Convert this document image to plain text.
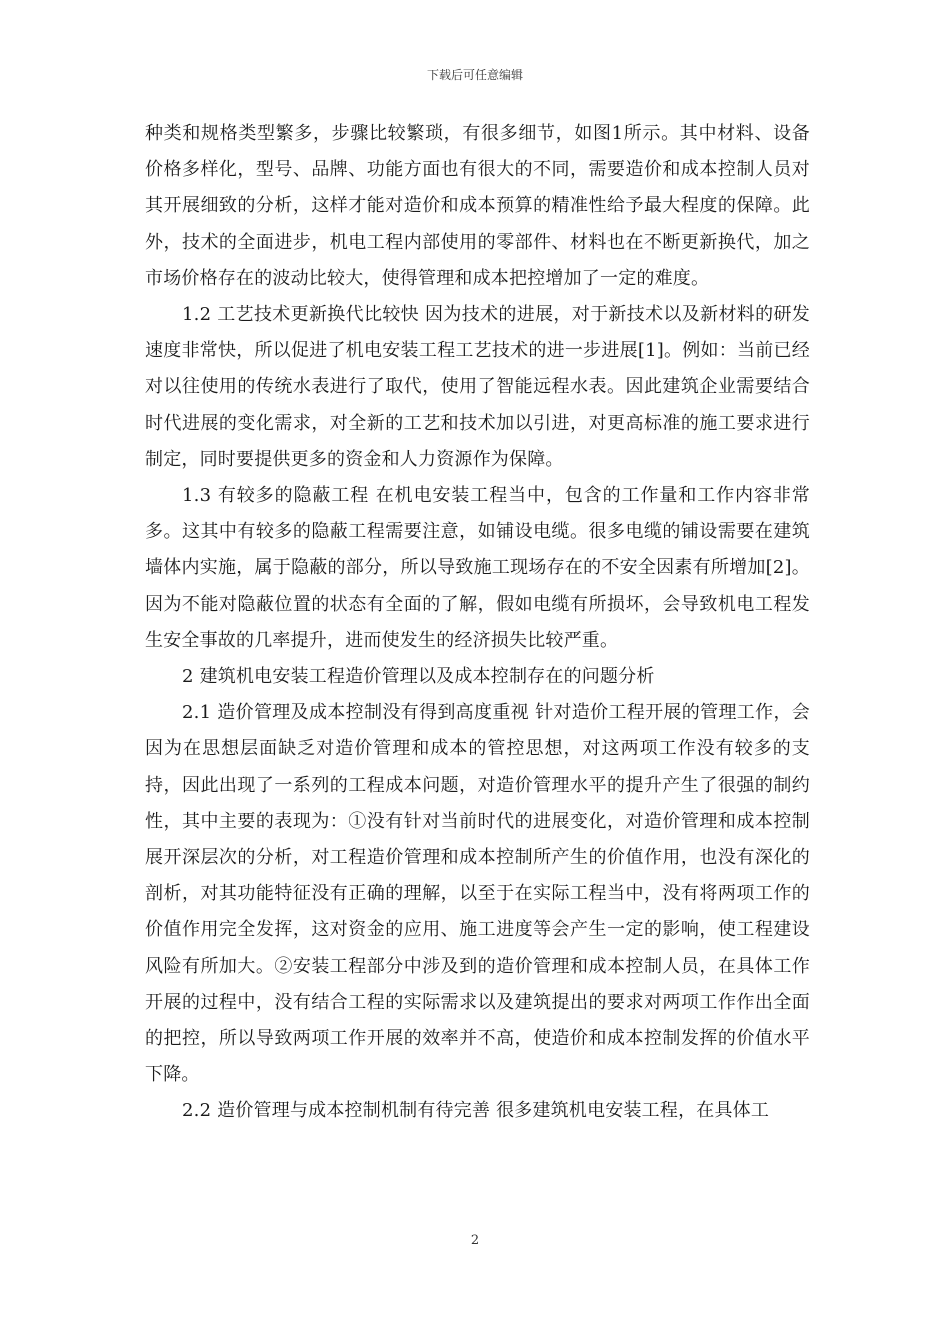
下载后可任意编辑

种类和规格类型繁多，步骤比较繁琐，有很多细节，如图1所示。其中材料、设备价格多样化，型号、品牌、功能方面也有很大的不同，需要造价和成本控制人员对其开展细致的分析，这样才能对造价和成本预算的精准性给予最大程度的保障。此外，技术的全面进步，机电工程内部使用的零部件、材料也在不断更新换代，加之市场价格存在的波动比较大，使得管理和成本把控增加了一定的难度。

1.2 工艺技术更新换代比较快 因为技术的进展，对于新技术以及新材料的研发速度非常快，所以促进了机电安装工程工艺技术的进一步进展[1]。例如：当前已经对以往使用的传统水表进行了取代，使用了智能远程水表。因此建筑企业需要结合时代进展的变化需求，对全新的工艺和技术加以引进，对更高标准的施工要求进行制定，同时要提供更多的资金和人力资源作为保障。

1.3 有较多的隐蔽工程 在机电安装工程当中，包含的工作量和工作内容非常多。这其中有较多的隐蔽工程需要注意，如铺设电缆。很多电缆的铺设需要在建筑墙体内实施，属于隐蔽的部分，所以导致施工现场存在的不安全因素有所增加[2]。因为不能对隐蔽位置的状态有全面的了解，假如电缆有所损坏，会导致机电工程发生安全事故的几率提升，进而使发生的经济损失比较严重。

2 建筑机电安装工程造价管理以及成本控制存在的问题分析

2.1 造价管理及成本控制没有得到高度重视 针对造价工程开展的管理工作，会因为在思想层面缺乏对造价管理和成本的管控思想，对这两项工作没有较多的支持，因此出现了一系列的工程成本问题，对造价管理水平的提升产生了很强的制约性，其中主要的表现为：①没有针对当前时代的进展变化，对造价管理和成本控制展开深层次的分析，对工程造价管理和成本控制所产生的价值作用，也没有深化的剖析，对其功能特征没有正确的理解，以至于在实际工程当中，没有将两项工作的价值作用完全发挥，这对资金的应用、施工进度等会产生一定的影响，使工程建设风险有所加大。②安装工程部分中涉及到的造价管理和成本控制人员，在具体工作开展的过程中，没有结合工程的实际需求以及建筑提出的要求对两项工作作出全面的把控，所以导致两项工作开展的效率并不高，使造价和成本控制发挥的价值水平下降。

2.2 造价管理与成本控制机制有待完善 很多建筑机电安装工程，在具体工

2
